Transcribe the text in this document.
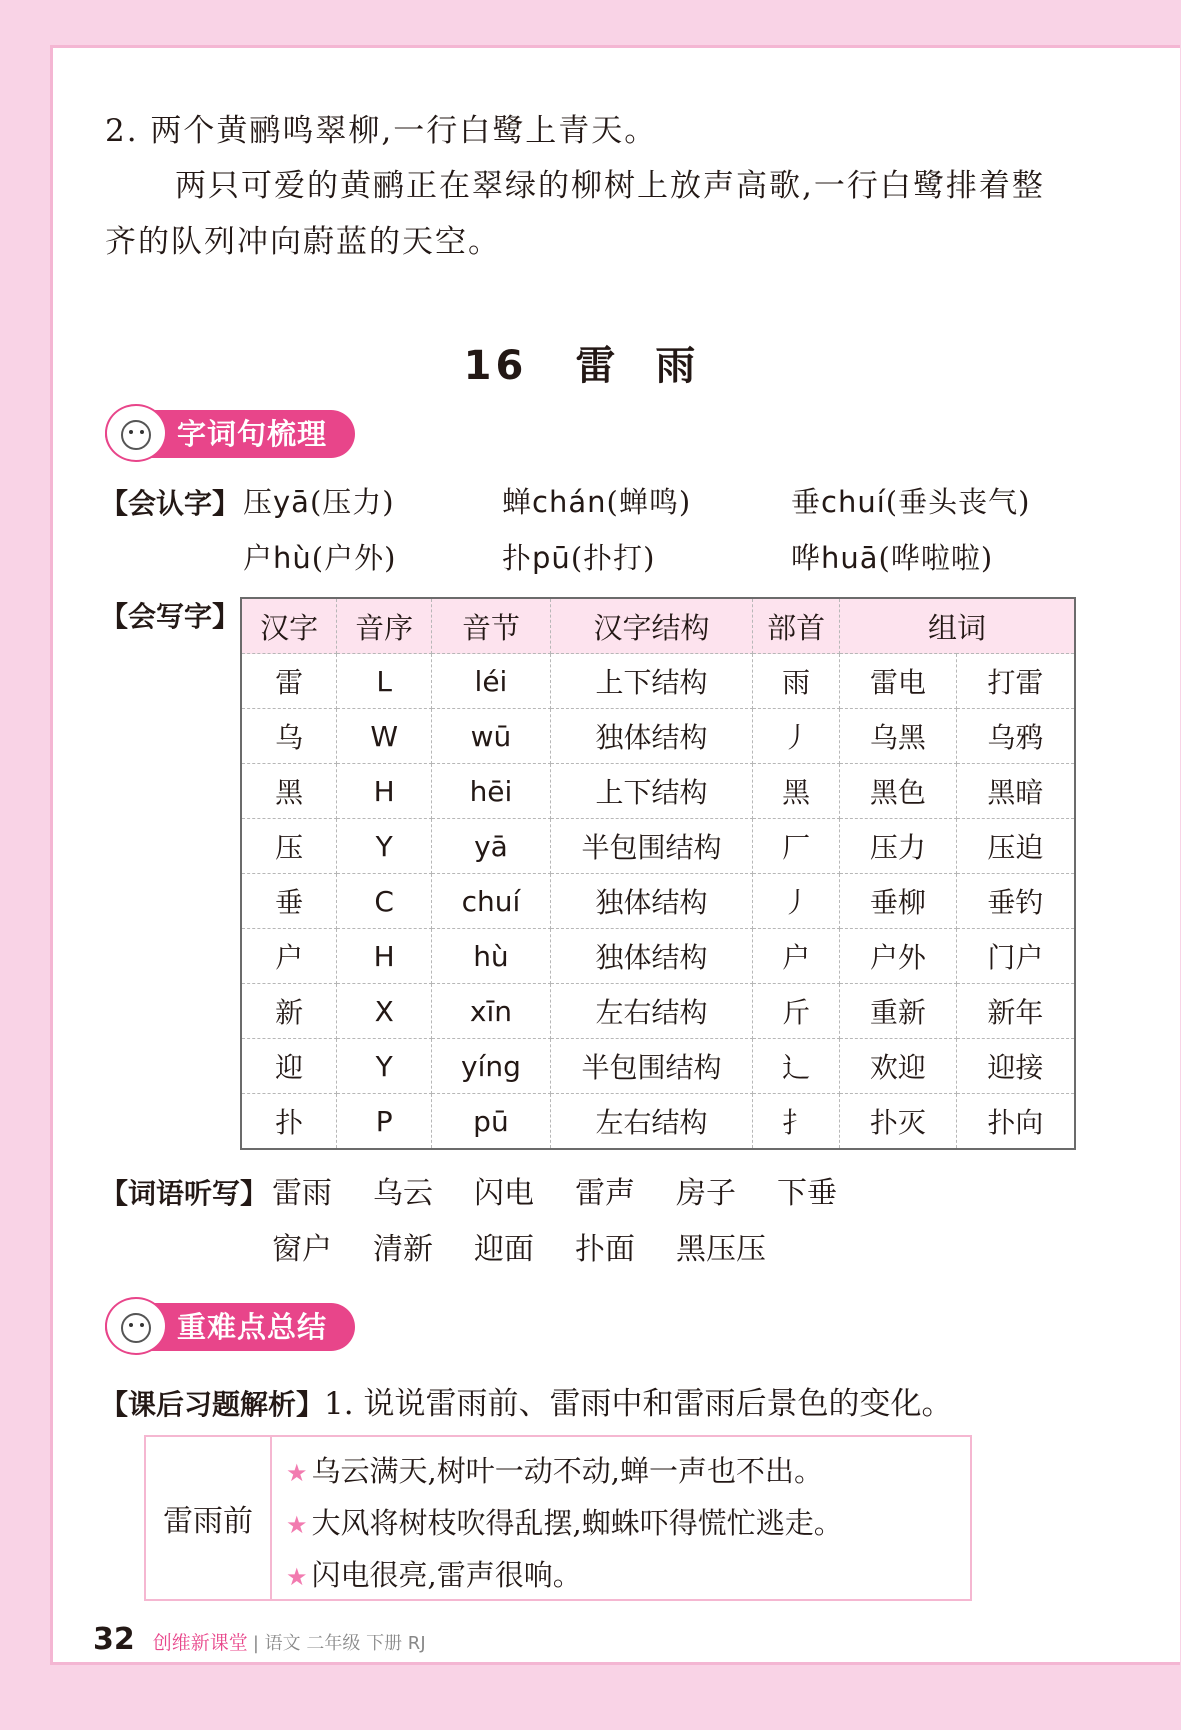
2. 两个黄鹂鸣翠柳,一行白鹭上青天。
两只可爱的黄鹂正在翠绿的柳树上放声高歌,一行白鹭排着整
齐的队列冲向蔚蓝的天空。
16 雷 雨
字词句梳理
【会认字】 压yā(压力)	蝉chán(蝉鸣)	垂chuí(垂头丧气)
户hù(户外)	扑pū(扑打)	哗huā(哗啦啦)
【会写字】 汉字	音序	音节	汉字结构	部首	组词	
雷	L	léi	上下结构	雨	雷电	打雷
乌	W	wū	独体结构	丿	乌黑	乌鸦
黑	H	hēi	上下结构	黑	黑色	黑暗
压	Y	yā	半包围结构	厂	压力	压迫
垂	C	chuí	独体结构	丿	垂柳	垂钓
户	H	hù	独体结构	户	户外	门户
新	X	xīn	左右结构	斤	重新	新年
迎	Y	yíng	半包围结构	辶	欢迎	迎接
扑	P	pū	左右结构	扌	扑灭	扑向
【词语听写】 雷雨 乌云 闪电 雷声 房子 下垂
窗户 清新 迎面 扑面 黑压压
重难点总结
【课后习题解析】1. 说说雷雨前、雷雨中和雷雨后景色的变化。
雷雨前
★ 乌云满天,树叶一动不动,蝉一声也不出。
★ 大风将树枝吹得乱摆,蜘蛛吓得慌忙逃走。
★ 闪电很亮,雷声很响。
32 创维新课堂 | 语文 二年级 下册 RJ
